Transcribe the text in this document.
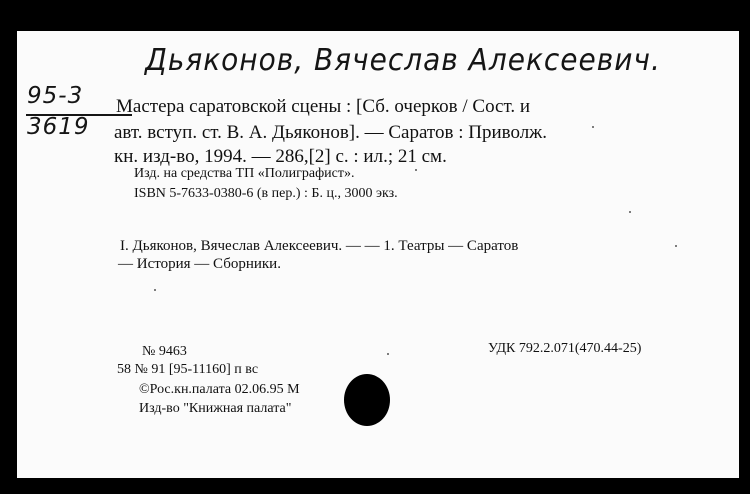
Дьяконов, Вячеслав Алексеевич.
95-3
3619
Мастера саратовской сцены : [Сб. очерков / Сост. и
авт. вступ. ст. В. А. Дьяконов]. — Саратов : Приволж.
кн. изд-во, 1994. — 286,[2] с. : ил.; 21 см.
Изд. на средства ТП «Полиграфист».
ISBN 5-7633-0380-6 (в пер.) : Б. ц., 3000 экз.
I. Дьяконов, Вячеслав Алексеевич. — — 1. Театры — Саратов
— История — Сборники.
№ 9463	УДК 792.2.071(470.44-25)
58 № 91 [95-11160] п вс
©Рос.кн.палата 02.06.95 М
Изд-во "Книжная палата"
